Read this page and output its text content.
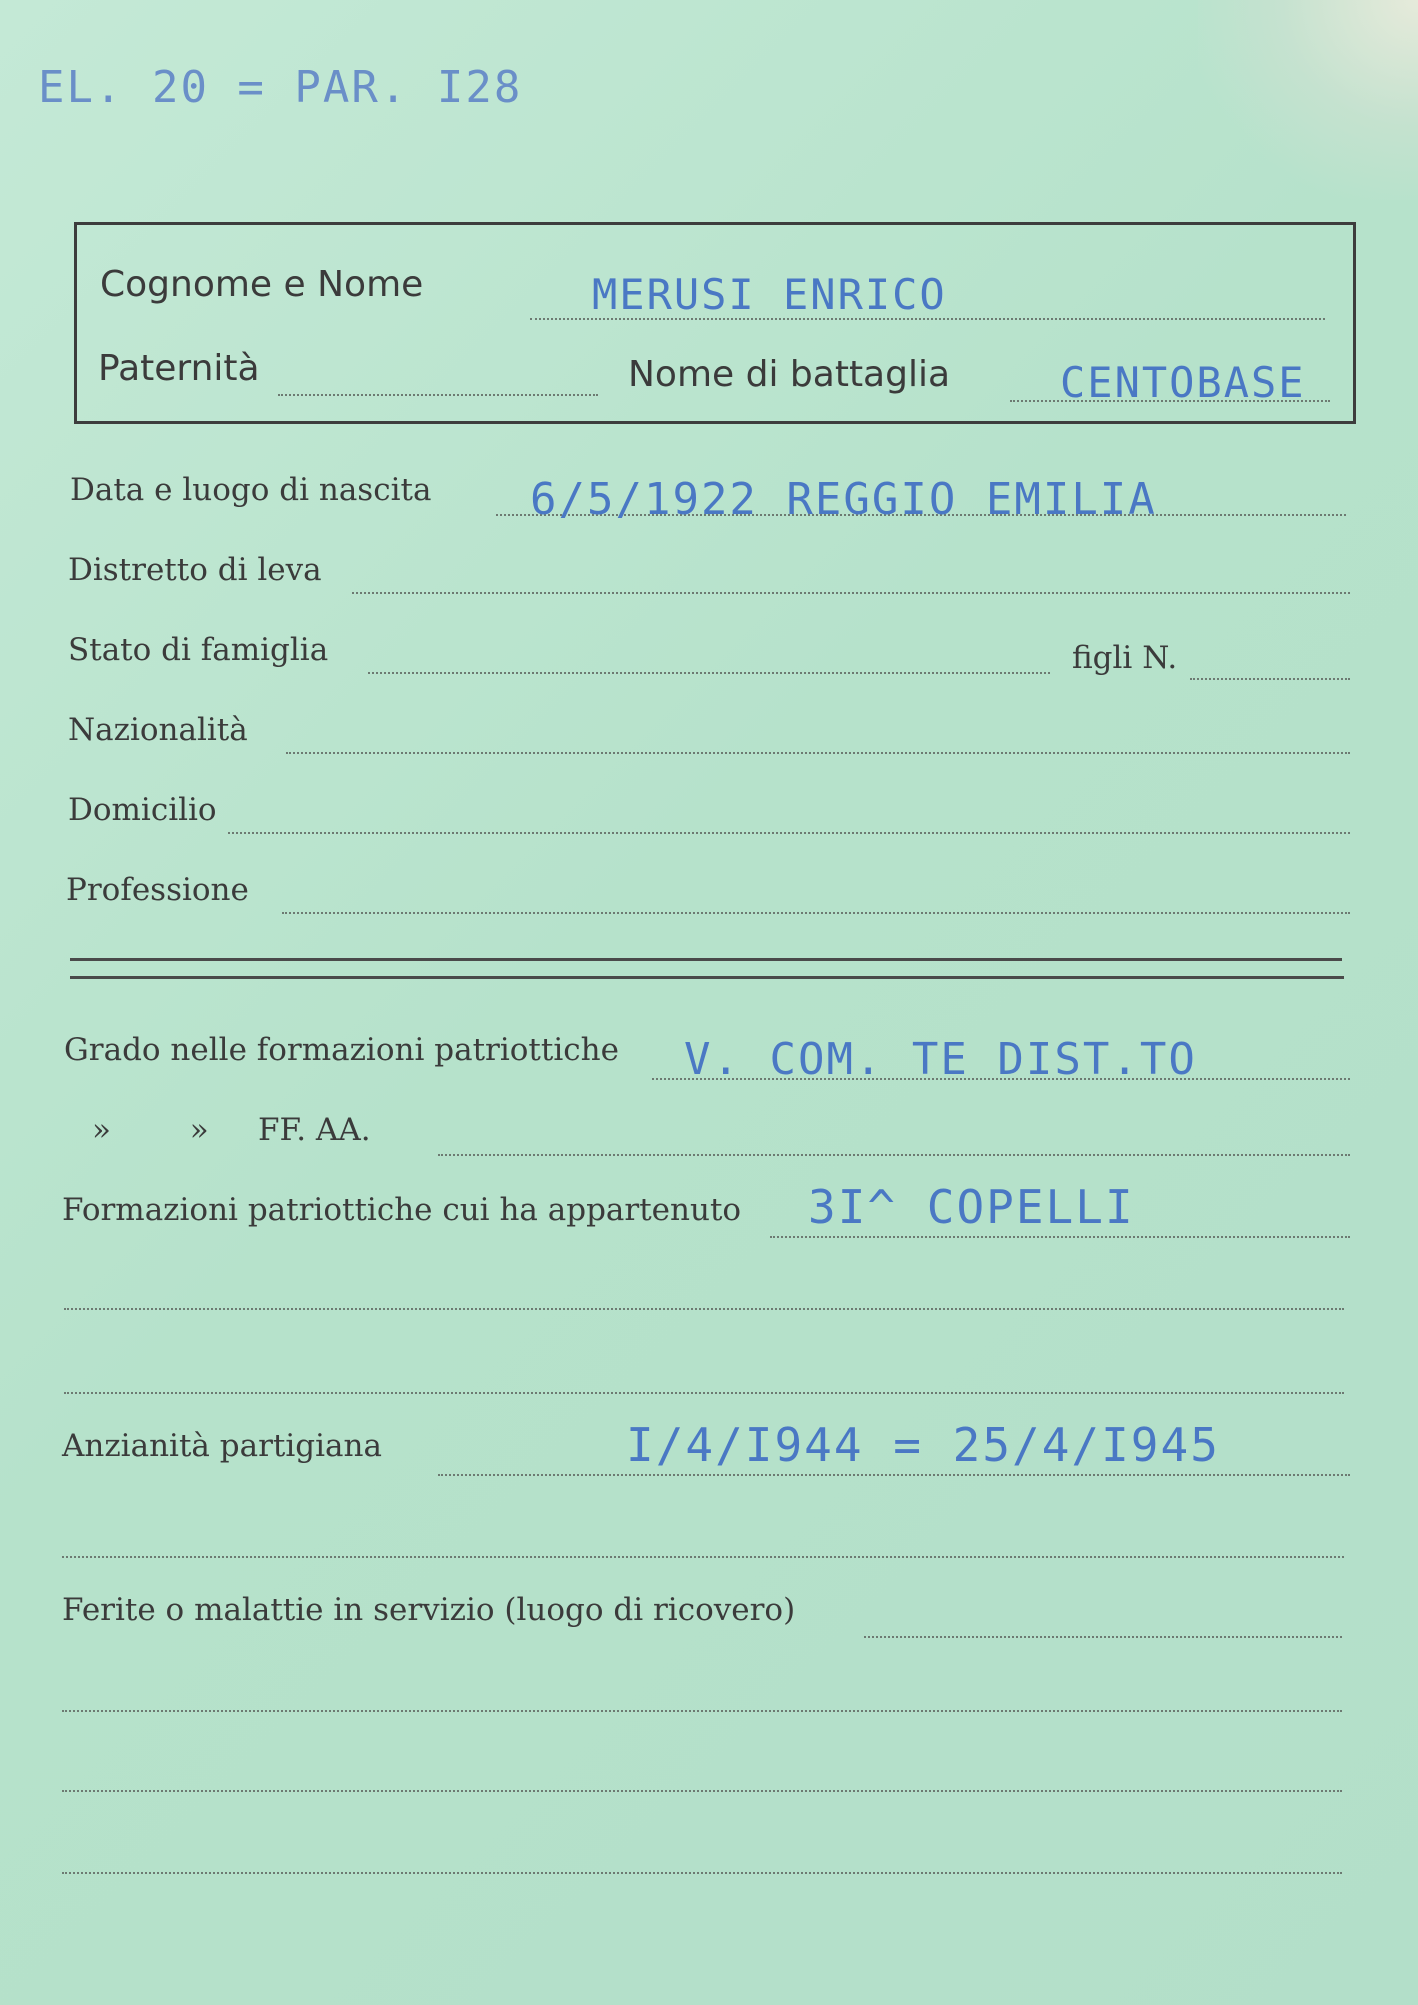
EL. 20 = PAR. I28
Cognome e Nome	MERUSI ENRICO
Paternità	Nome di battaglia	CENTOBASE
Data e luogo di nascita 6/5/1922 REGGIO EMILIA
Distretto di leva
Stato di famiglia	figli N.
Nazionalità
Domicilio
Professione
Grado nelle formazioni patriottiche V. COM. TE DIST.TO
»        »     FF. AA.
Formazioni patriottiche cui ha appartenuto 3I^ COPELLI
Anzianità partigiana	I/4/I944 = 25/4/I945
Ferite o malattie in servizio (luogo di ricovero)
